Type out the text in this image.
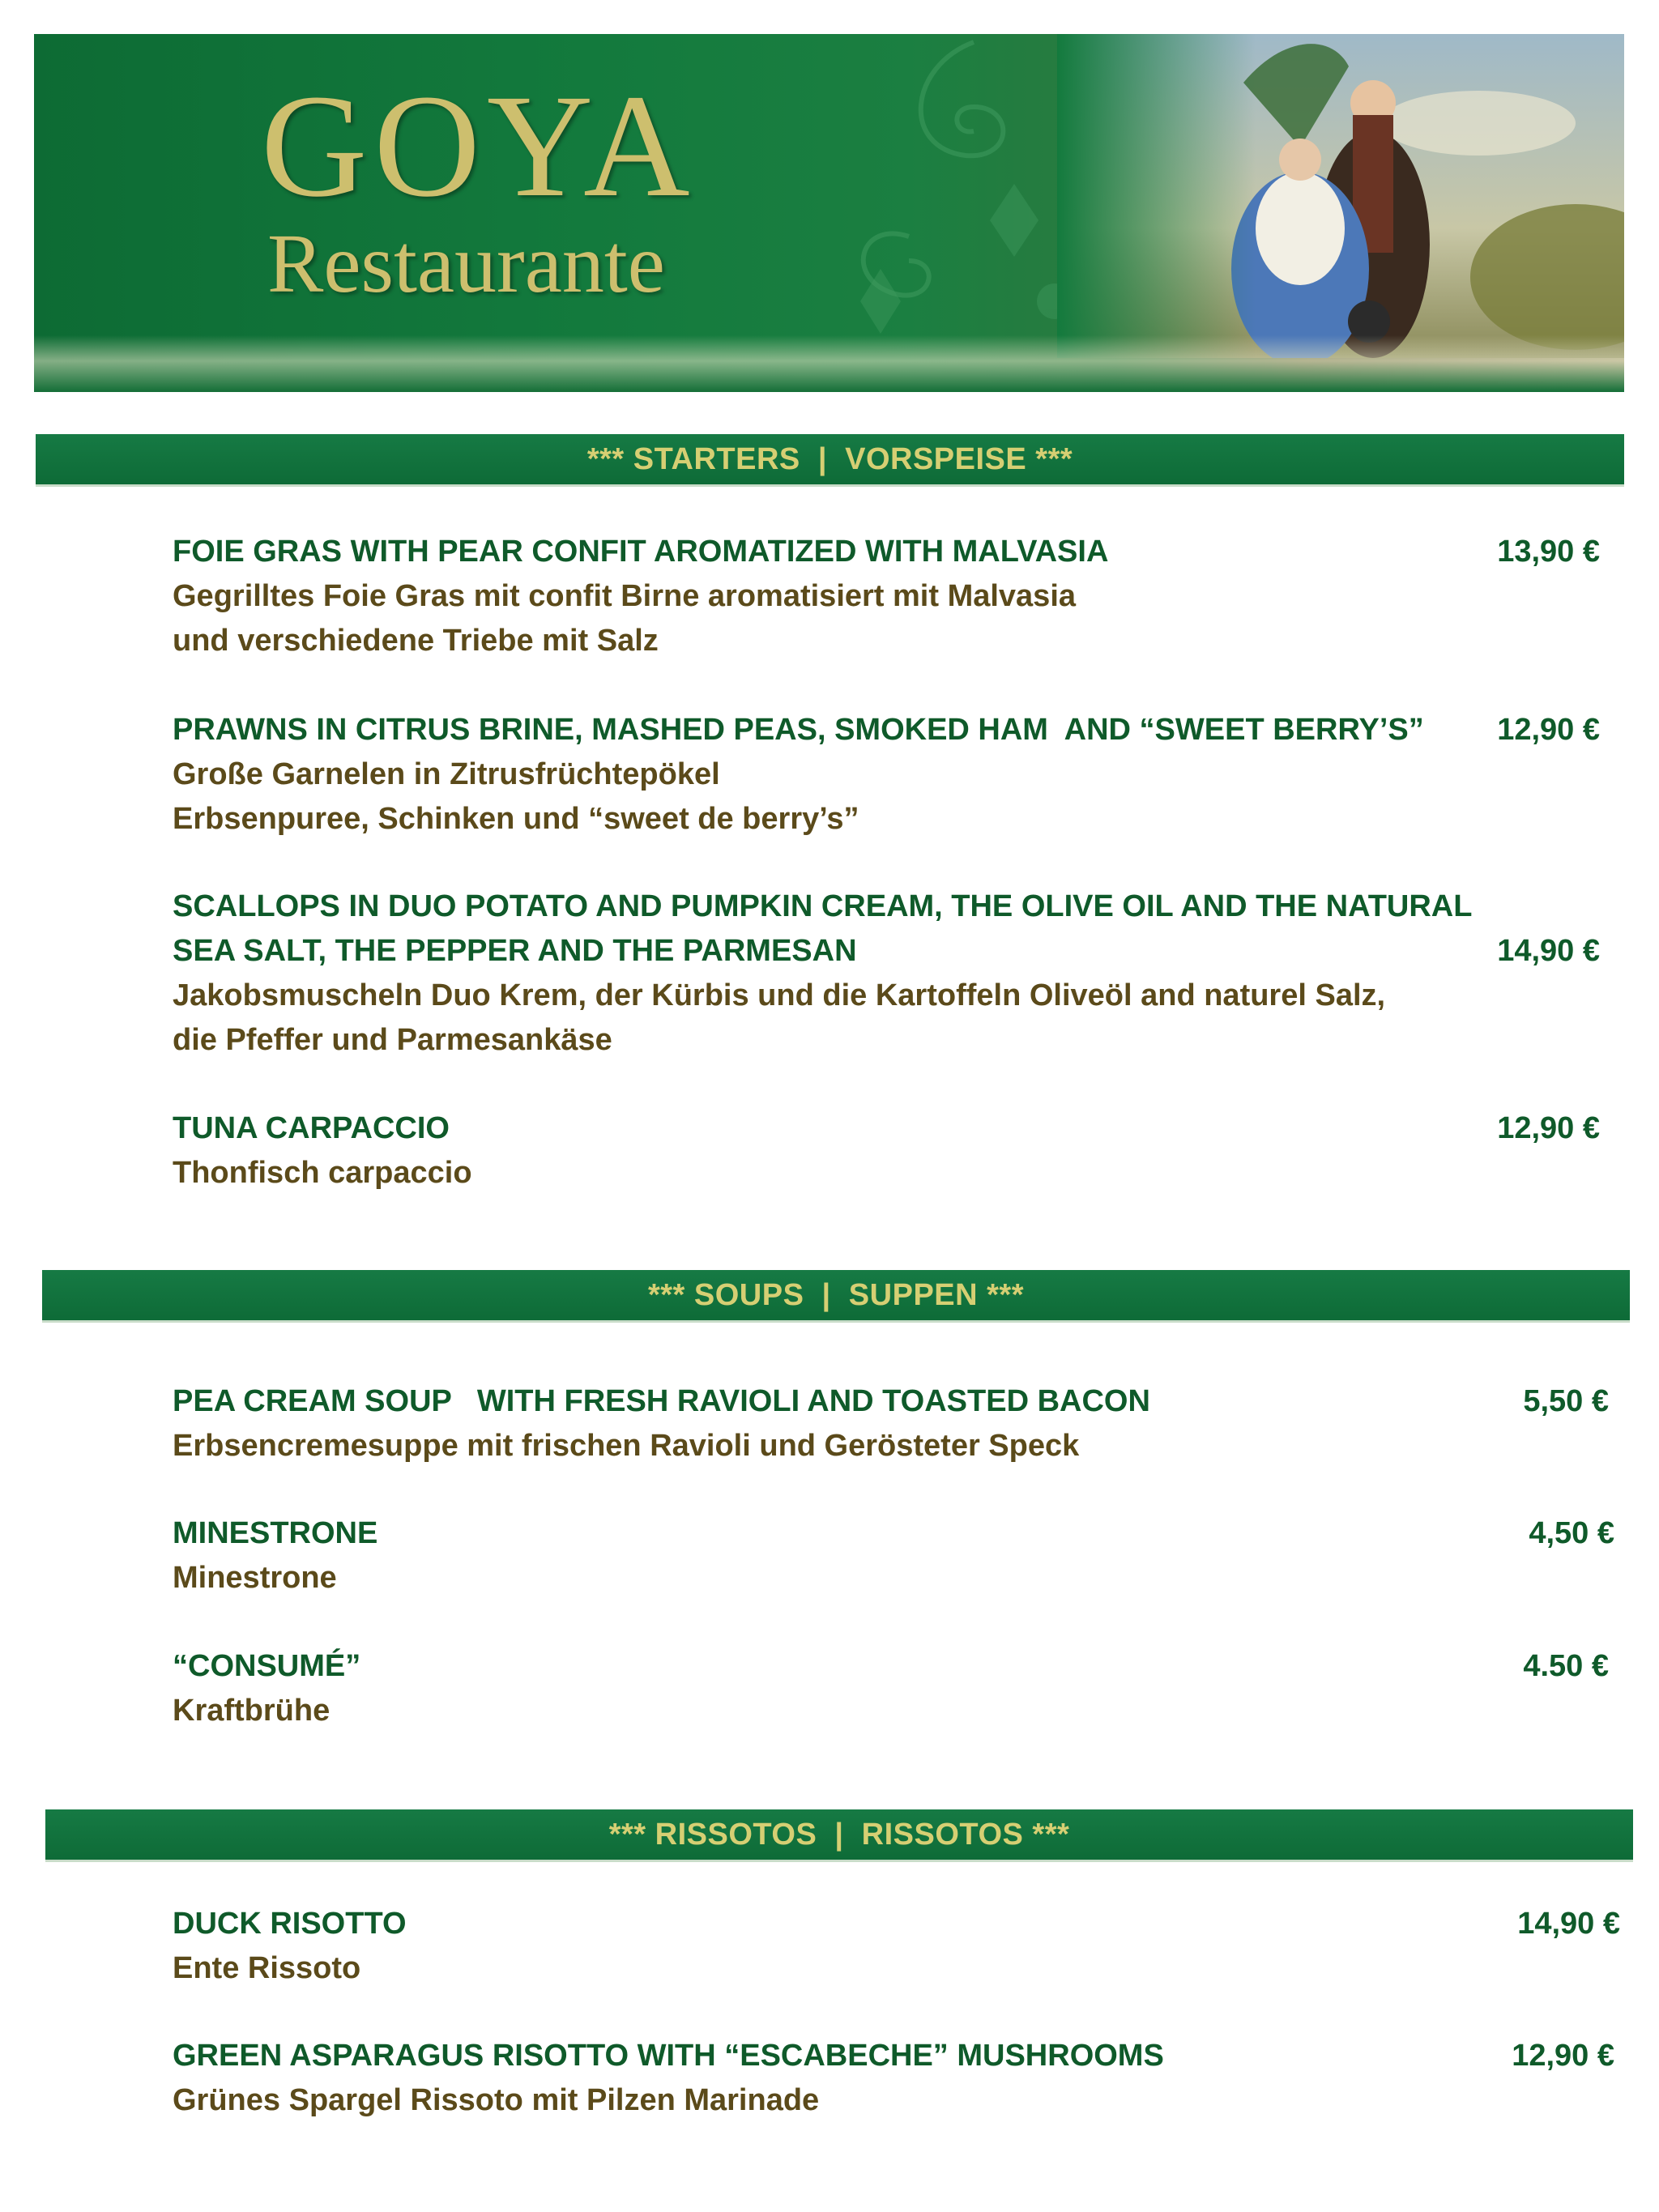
GOYA
Restaurante
*** STARTERS  |  VORSPEISE ***
FOIE GRAS WITH PEAR CONFIT AROMATIZED WITH MALVASIA
Gegrilltes Foie Gras mit confit Birne aromatisiert mit Malvasia
und verschiedene Triebe mit Salz
13,90 €
PRAWNS IN CITRUS BRINE, MASHED PEAS, SMOKED HAM  AND “SWEET BERRY’S”
Große Garnelen in Zitrusfrüchtepökel
Erbsenpuree, Schinken und “sweet de berry’s”
12,90 €
SCALLOPS IN DUO POTATO AND PUMPKIN CREAM, THE OLIVE OIL AND THE NATURAL
SEA SALT, THE PEPPER AND THE PARMESAN
Jakobsmuscheln Duo Krem, der Kürbis und die Kartoffeln Oliveöl and naturel Salz,
die Pfeffer und Parmesankäse
14,90 €
TUNA CARPACCIO
Thonfisch carpaccio
12,90 €
*** SOUPS  |  SUPPEN ***
PEA CREAM SOUP   WITH FRESH RAVIOLI AND TOASTED BACON
Erbsencremesuppe mit frischen Ravioli und Gerösteter Speck
5,50 €
MINESTRONE
Minestrone
4,50 €
“CONSUMÉ”
Kraftbrühe
4.50 €
*** RISSOTOS  |  RISSOTOS ***
DUCK RISOTTO
Ente Rissoto
14,90 €
GREEN ASPARAGUS RISOTTO WITH “ESCABECHE” MUSHROOMS
Grünes Spargel Rissoto mit Pilzen Marinade
12,90 €
